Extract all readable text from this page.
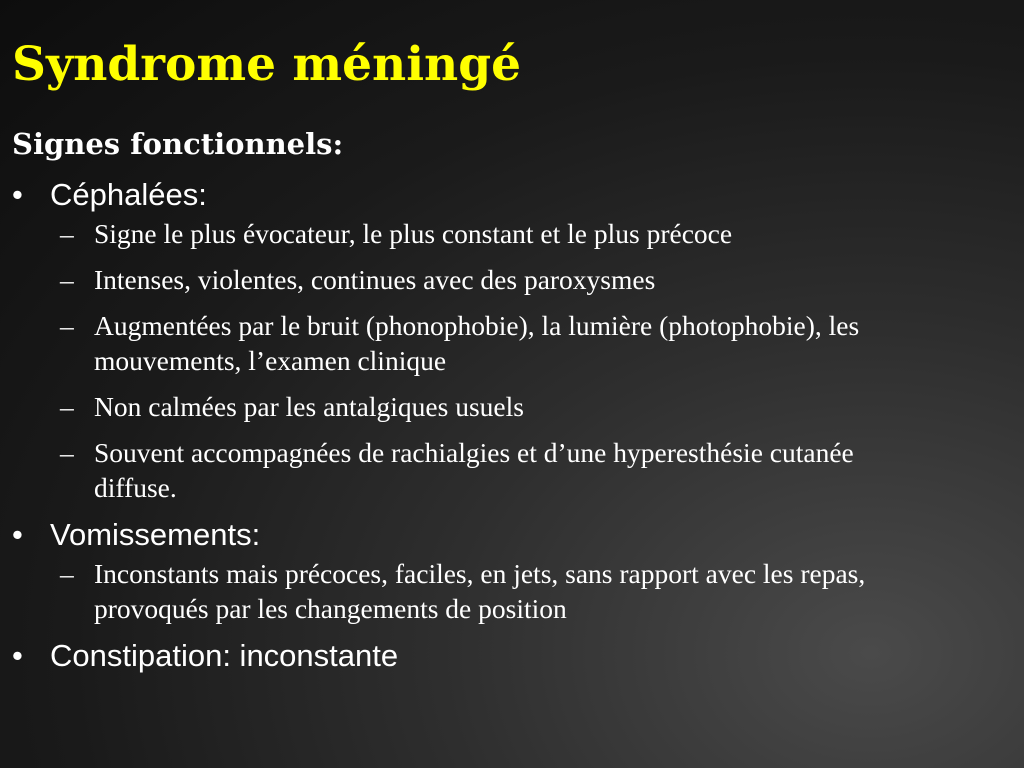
Syndrome méningé
Signes fonctionnels:
• Céphalées:
– Signe le plus évocateur, le plus constant et le plus précoce
– Intenses, violentes, continues avec des paroxysmes
– Augmentées par le bruit (phonophobie), la lumière (photophobie), les mouvements, l’examen clinique
– Non calmées par les antalgiques usuels
– Souvent accompagnées de rachialgies et d’une hyperesthésie cutanée diffuse.
• Vomissements:
– Inconstants mais précoces, faciles, en jets, sans rapport avec les repas, provoqués par les changements de position
• Constipation: inconstante
